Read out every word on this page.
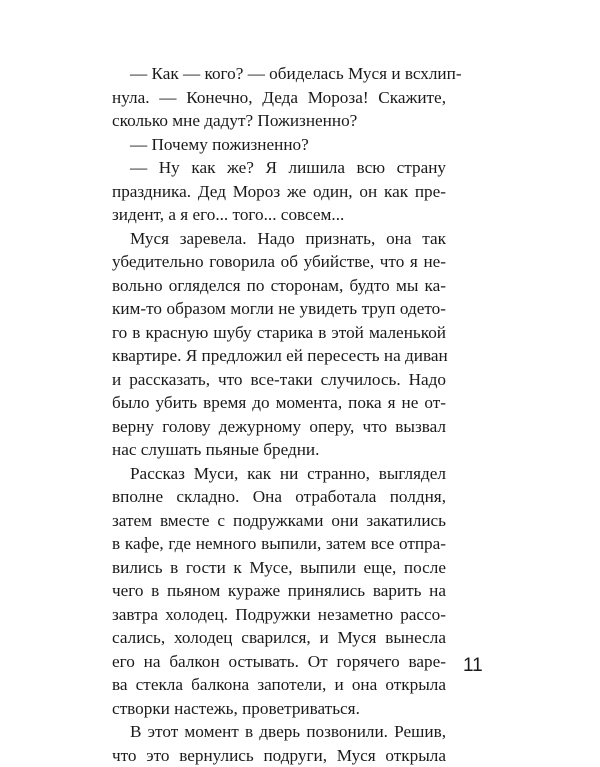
— Как — кого? — обиделась Муся и всхлип-
нула. — Конечно, Деда Мороза! Скажите,
сколько мне дадут? Пожизненно?
— Почему пожизненно?
— Ну как же? Я лишила всю страну
праздника. Дед Мороз же один, он как пре-
зидент, а я его... того... совсем...
Муся заревела. Надо признать, она так
убедительно говорила об убийстве, что я не-
вольно огляделся по сторонам, будто мы ка-
ким-то образом могли не увидеть труп одето-
го в красную шубу старика в этой маленькой
квартире. Я предложил ей пересесть на диван
и рассказать, что все-таки случилось. Надо
было убить время до момента, пока я не от-
верну голову дежурному оперу, что вызвал
нас слушать пьяные бредни.
Рассказ Муси, как ни странно, выглядел
вполне складно. Она отработала полдня,
затем вместе с подружками они закатились
в кафе, где немного выпили, затем все отпра-
вились в гости к Мусе, выпили еще, после
чего в пьяном кураже принялись варить на
завтра холодец. Подружки незаметно рассо-
сались, холодец сварился, и Муся вынесла
его на балкон остывать. От горячего варе-
ва стекла балкона запотели, и она открыла
створки настежь, проветриваться.
В этот момент в дверь позвонили. Решив,
что это вернулись подруги, Муся открыла
11
